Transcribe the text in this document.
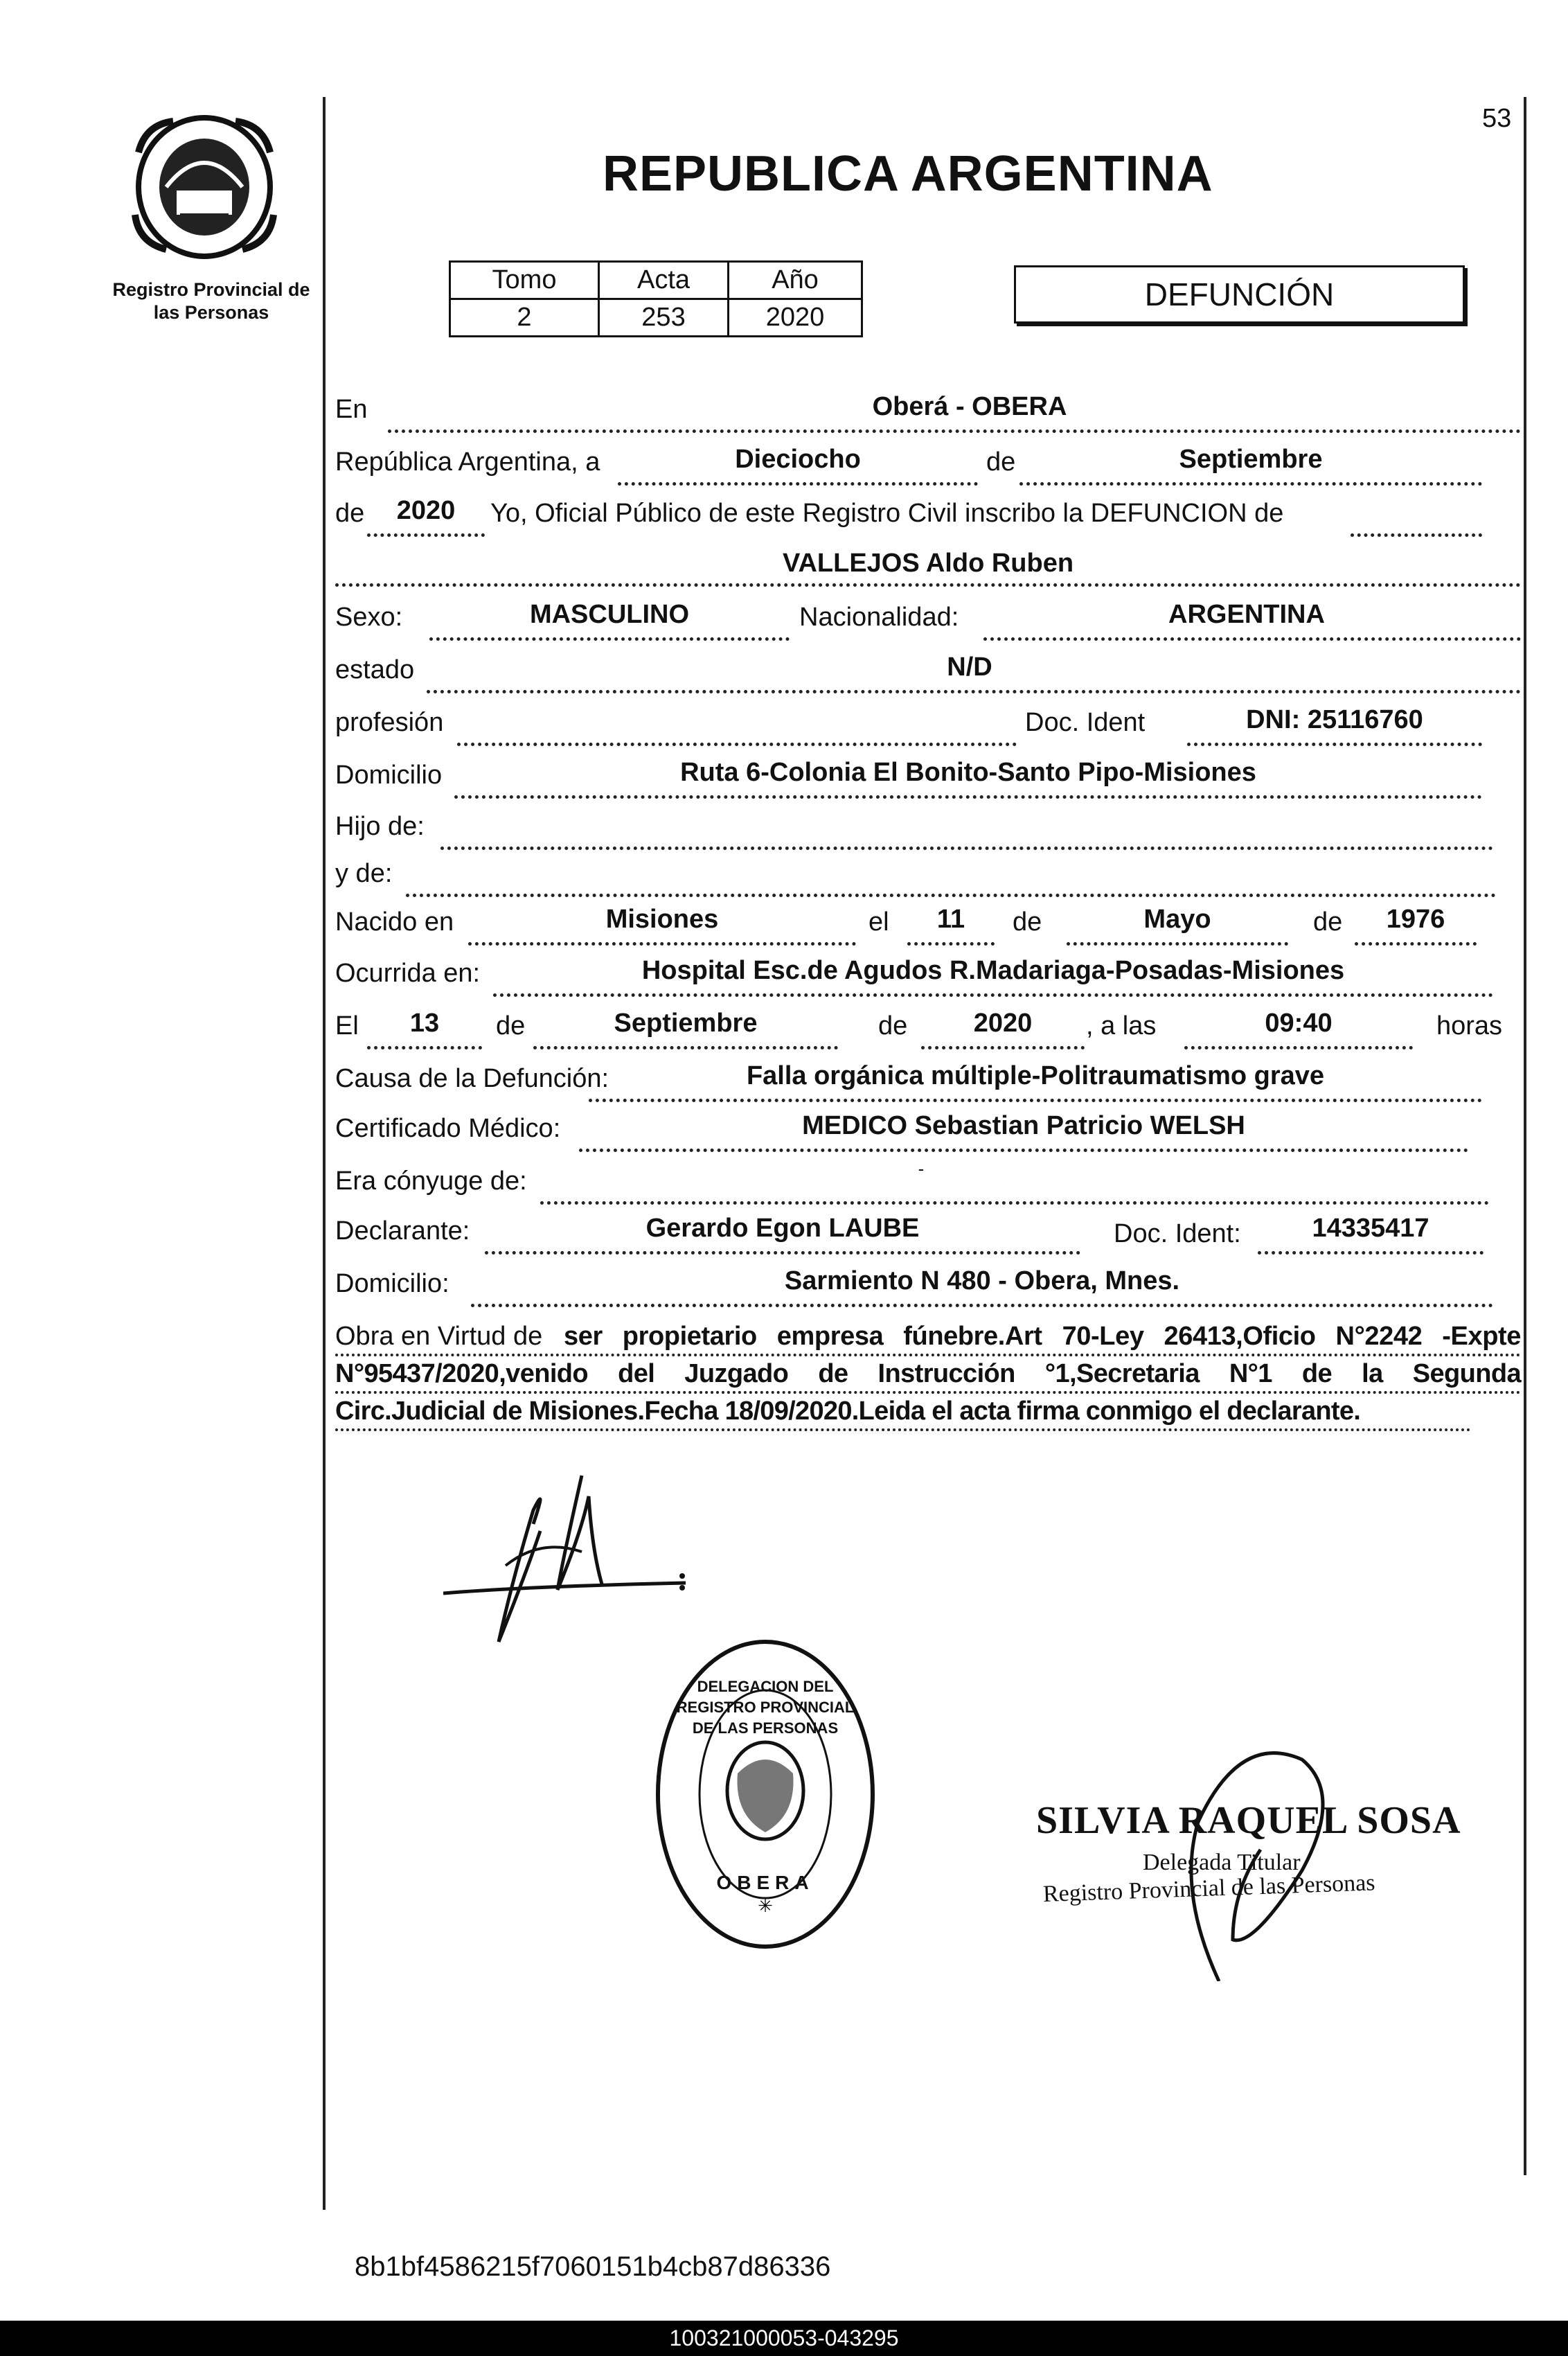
53
Registro Provincial de
las Personas
REPUBLICA ARGENTINA
Tomo	Acta	Año
2	253	2020
DEFUNCIÓN
En	Oberá - OBERA
República Argentina, a	Dieciocho	de	Septiembre
de	2020	Yo, Oficial Público de este Registro Civil inscribo la DEFUNCION de
VALLEJOS Aldo Ruben
Sexo:	MASCULINO	Nacionalidad:	ARGENTINA
estado	N/D
profesión	Doc. Ident	DNI: 25116760
Domicilio	Ruta 6-Colonia El Bonito-Santo Pipo-Misiones
Hijo de:
y de:
Nacido en	Misiones	el	11	de	Mayo	de	1976
Ocurrida en:	Hospital Esc.de Agudos R.Madariaga-Posadas-Misiones
El	13	de	Septiembre	de	2020	, a las	09:40	horas
Causa de la Defunción:	Falla orgánica múltiple-Politraumatismo grave
Certificado Médico:	MEDICO Sebastian Patricio WELSH
Era cónyuge de:	-
Declarante:	Gerardo Egon LAUBE	Doc. Ident:	14335417
Domicilio:	Sarmiento N 480 - Obera, Mnes.
Obra en Virtud de ser propietario empresa fúnebre.Art 70-Ley 26413,Oficio N°2242 -Expte
N°95437/2020,venido del Juzgado de Instrucción °1,Secretaria N°1 de la Segunda
Circ.Judicial de Misiones.Fecha 18/09/2020.Leida el acta firma conmigo el declarante.
✳
DELEGACION DEL REGISTRO PROVINCIAL DE LAS PERSONAS
OBERA
SILVIA RAQUEL SOSA
Delegada Titular
Registro Provincial de las Personas
8b1bf4586215f7060151b4cb87d86336
100321000053-043295
